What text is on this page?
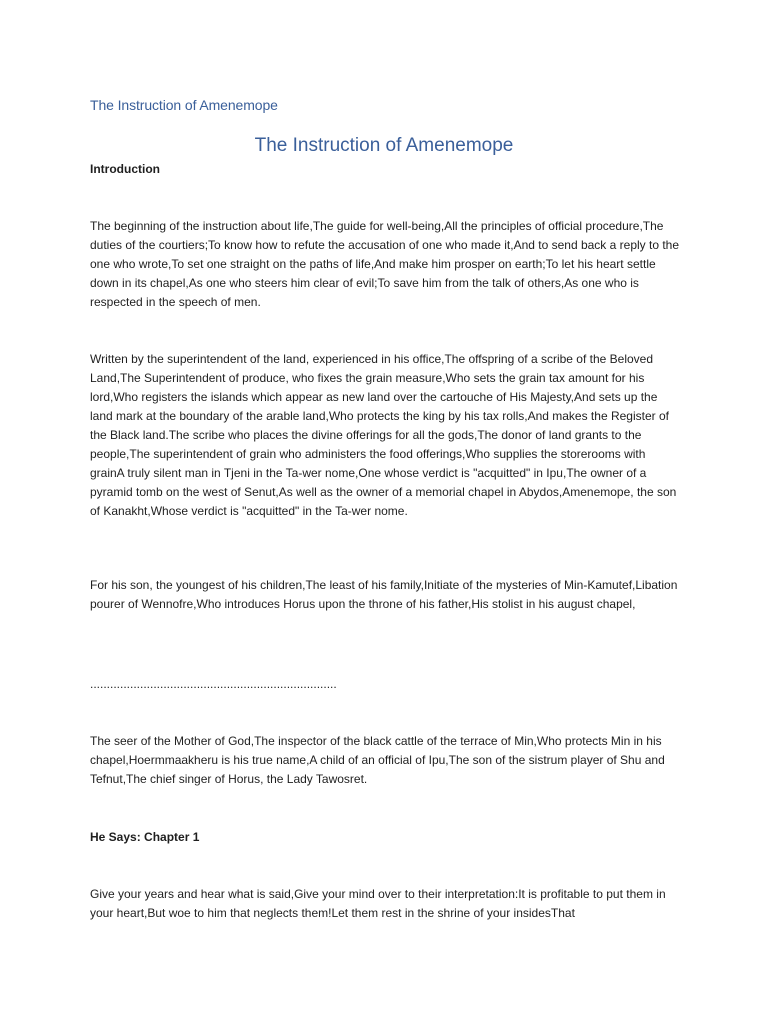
The Instruction of Amenemope
The Instruction of Amenemope
Introduction

The beginning of the instruction about life,The guide for well-being,All the principles of official procedure,The duties of the courtiers;To know how to refute the accusation of one who made it,And to send back a reply to the one who wrote,To set one straight on the paths of life,And make him prosper on earth;To let his heart settle down in its chapel,As one who steers him clear of evil;To save him from the talk of others,As one who is respected in the speech of men.

Written by the superintendent of the land, experienced in his office,The offspring of a scribe of the Beloved Land,The Superintendent of produce, who fixes the grain measure,Who sets the grain tax amount for his lord,Who registers the islands which appear as new land over the cartouche of His Majesty,And sets up the land mark at the boundary of the arable land,Who protects the king by his tax rolls,And makes the Register of the Black land.The scribe who places the divine offerings for all the gods,The donor of land grants to the people,The superintendent of grain who administers the food offerings,Who supplies the storerooms with grainA truly silent man in Tjeni in the Ta-wer nome,One whose verdict is "acquitted" in Ipu,The owner of a pyramid tomb on the west of Senut,As well as the owner of a memorial chapel in Abydos,Amenemope, the son of Kanakht,Whose verdict is "acquitted" in the Ta-wer nome.

For his son, the youngest of his children,The least of his family,Initiate of the mysteries of Min-Kamutef,Libation pourer of Wennofre,Who introduces Horus upon the throne of his father,His stolist in his august chapel,

..........................................................................

The seer of the Mother of God,The inspector of the black cattle of the terrace of Min,Who protects Min in his chapel,Hoermmaakheru is his true name,A child of an official of Ipu,The son of the sistrum player of Shu and Tefnut,The chief singer of Horus, the Lady Tawosret.

He Says: Chapter 1

Give your years and hear what is said,Give your mind over to their interpretation:It is profitable to put them in your heart,But woe to him that neglects them!Let them rest in the shrine of your insidesThat
